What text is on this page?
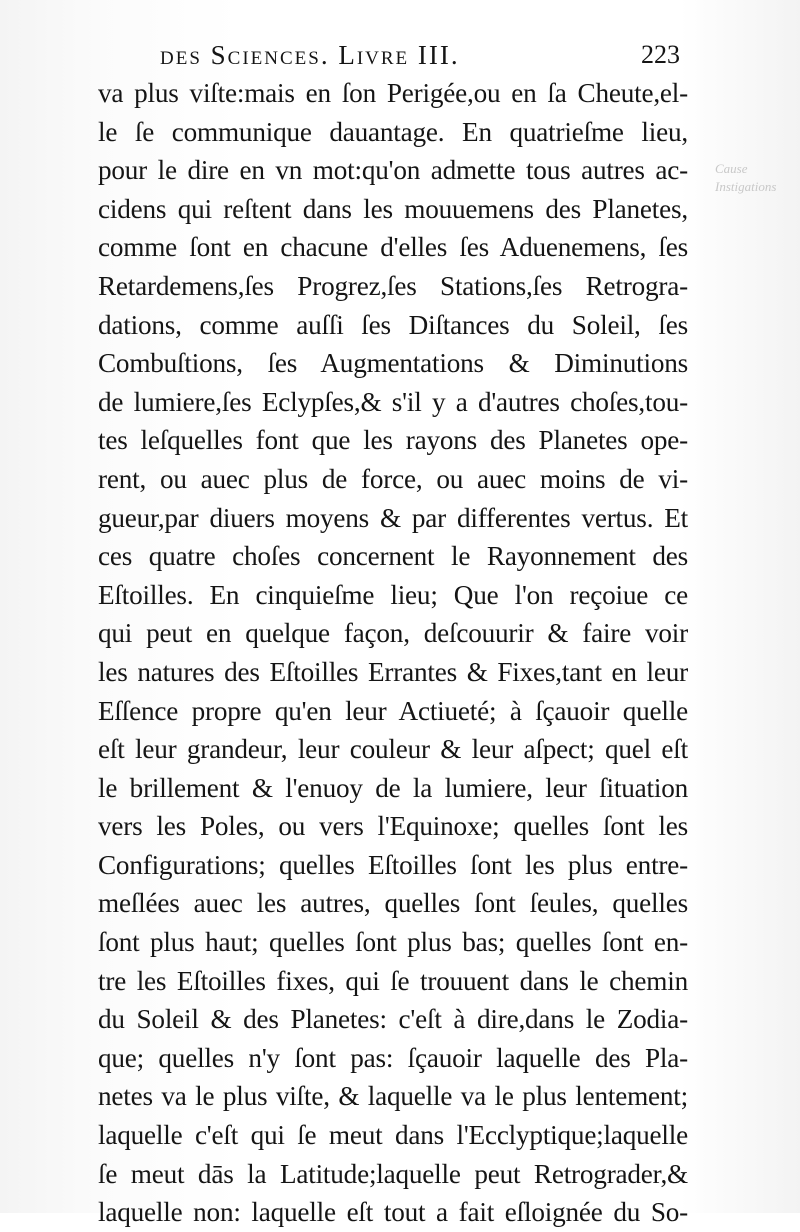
des Sciences. Livre III.	223
Cause
Instigations
va plus viſte:mais en ſon Perigée,ou en ſa Cheute,el-
le ſe communique dauantage. En quatrieſme lieu,
pour le dire en vn mot:qu'on admette tous autres ac-
cidens qui reſtent dans les mouuemens des Planetes,
comme ſont en chacune d'elles ſes Aduenemens, ſes
Retardemens,ſes Progrez,ſes Stations,ſes Retrogra-
dations, comme auſſi ſes Diſtances du Soleil, ſes
Combuſtions, ſes Augmentations & Diminutions
de lumiere,ſes Eclypſes,& s'il y a d'autres choſes,tou-
tes leſquelles font que les rayons des Planetes ope-
rent, ou auec plus de force, ou auec moins de vi-
gueur,par diuers moyens & par differentes vertus. Et
ces quatre choſes concernent le Rayonnement des
Eſtoilles. En cinquieſme lieu; Que l'on reçoiue ce
qui peut en quelque façon, deſcouurir & faire voir
les natures des Eſtoilles Errantes & Fixes,tant en leur
Eſſence propre qu'en leur Actiueté; à ſçauoir quelle
eſt leur grandeur, leur couleur & leur aſpect; quel eſt
le brillement & l'enuoy de la lumiere, leur ſituation
vers les Poles, ou vers l'Equinoxe; quelles ſont les
Configurations; quelles Eſtoilles ſont les plus entre-
meſlées auec les autres, quelles ſont ſeules, quelles
ſont plus haut; quelles ſont plus bas; quelles ſont en-
tre les Eſtoilles fixes, qui ſe trouuent dans le chemin
du Soleil & des Planetes: c'eſt à dire,dans le Zodia-
que; quelles n'y ſont pas: ſçauoir laquelle des Pla-
netes va le plus viſte, & laquelle va le plus lentement;
laquelle c'eſt qui ſe meut dans l'Ecclyptique;laquelle
ſe meut dās la Latitude;laquelle peut Retrograder,&
laquelle non: laquelle eſt tout a fait eſloignée du So-
